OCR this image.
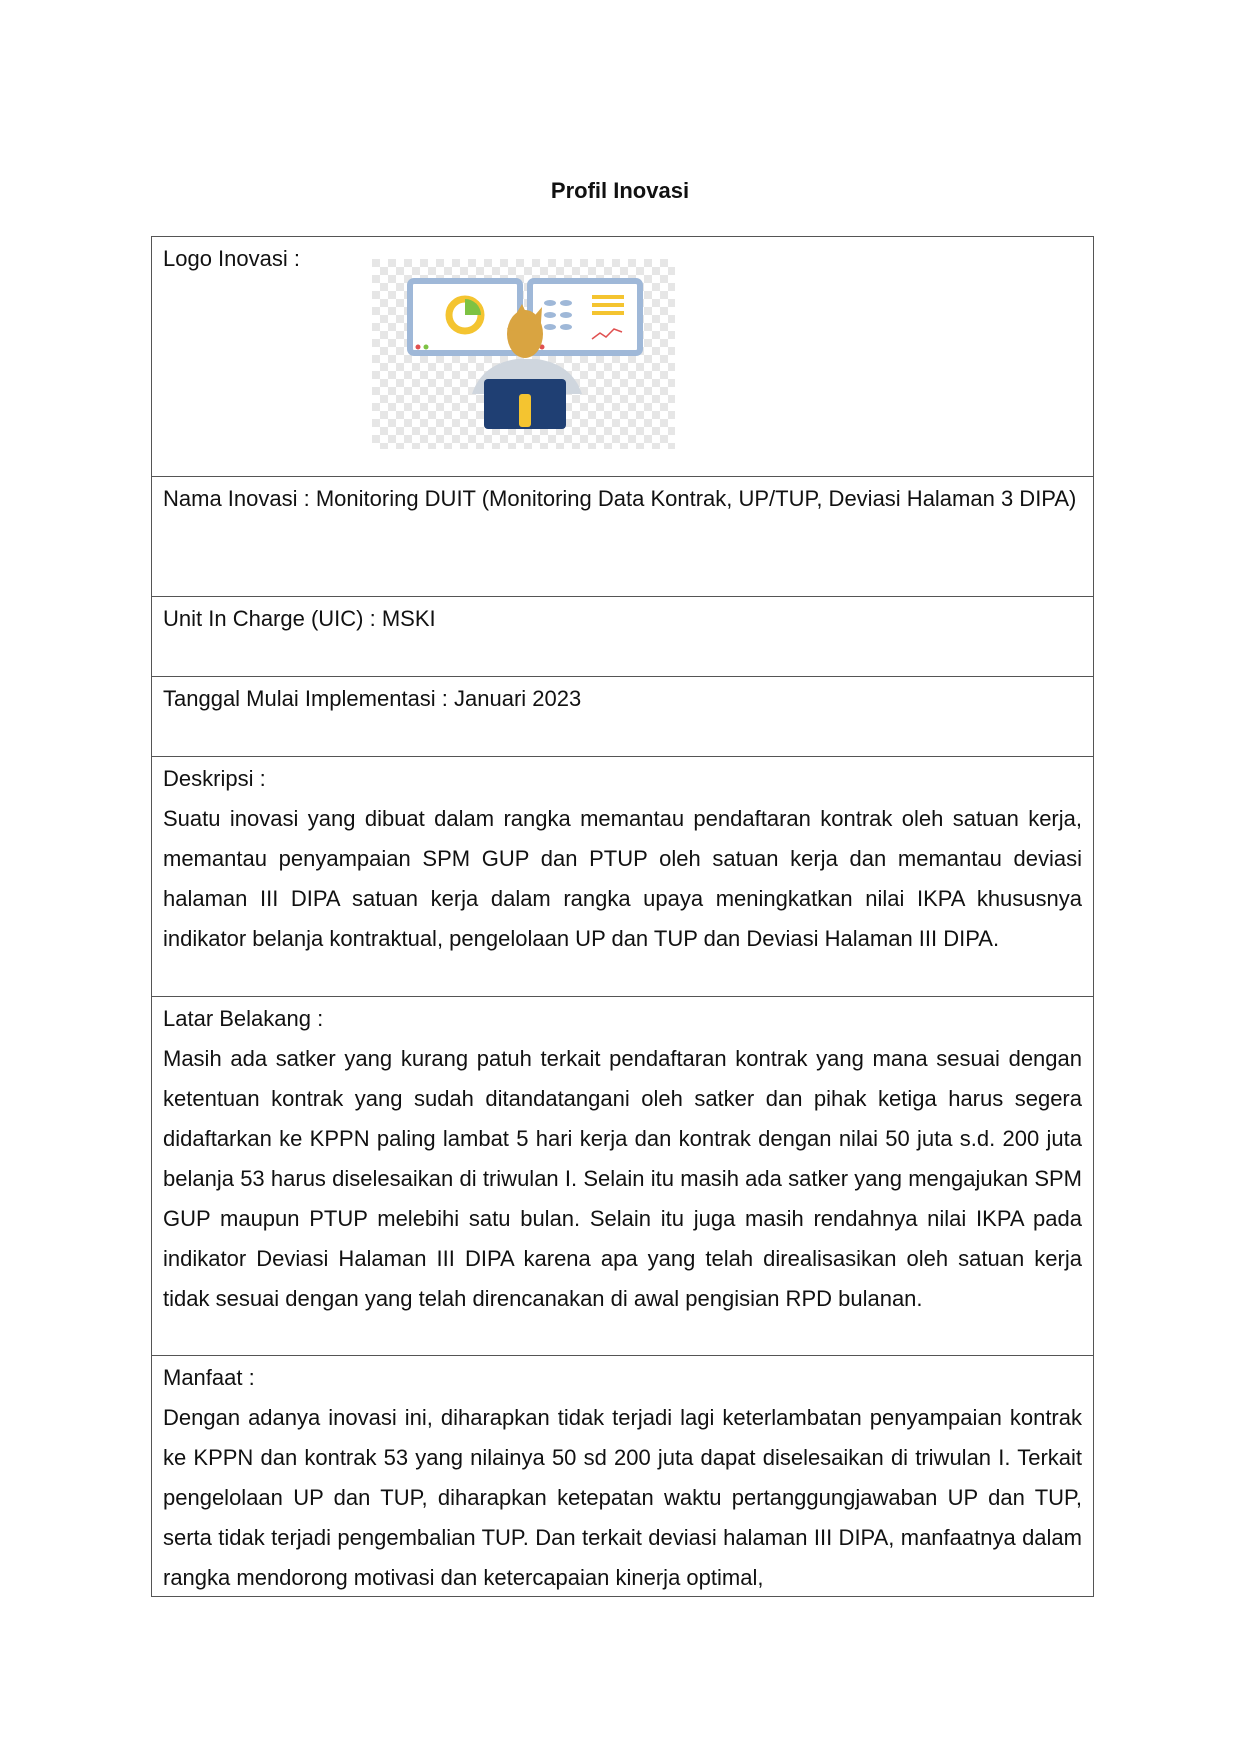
Profil Inovasi
Logo Inovasi :
Nama Inovasi : Monitoring DUIT (Monitoring Data Kontrak, UP/TUP, Deviasi Halaman 3 DIPA)
Unit In Charge (UIC) : MSKI
Tanggal Mulai Implementasi : Januari 2023
Deskripsi :
Suatu inovasi yang dibuat dalam rangka memantau pendaftaran kontrak oleh satuan kerja, memantau penyampaian SPM GUP dan PTUP oleh satuan kerja dan memantau deviasi halaman III DIPA satuan kerja dalam rangka upaya meningkatkan nilai IKPA khususnya indikator belanja kontraktual, pengelolaan UP dan TUP dan Deviasi Halaman III DIPA.
Latar Belakang :
Masih ada satker yang kurang patuh terkait pendaftaran kontrak yang mana sesuai dengan ketentuan kontrak yang sudah ditandatangani oleh satker dan pihak ketiga harus segera didaftarkan ke KPPN paling lambat 5 hari kerja dan kontrak dengan nilai 50 juta s.d. 200 juta belanja 53 harus diselesaikan di triwulan I. Selain itu masih ada satker yang mengajukan SPM GUP maupun PTUP melebihi satu bulan. Selain itu juga masih rendahnya nilai IKPA pada indikator Deviasi Halaman III DIPA karena apa yang telah direalisasikan oleh satuan kerja tidak sesuai dengan yang telah direncanakan di awal pengisian RPD bulanan.
Manfaat :
Dengan adanya inovasi ini, diharapkan tidak terjadi lagi keterlambatan penyampaian kontrak ke KPPN dan kontrak 53 yang nilainya 50 sd 200 juta dapat diselesaikan di triwulan I. Terkait pengelolaan UP dan TUP, diharapkan ketepatan waktu pertanggungjawaban UP dan TUP, serta tidak terjadi pengembalian TUP. Dan terkait deviasi halaman III DIPA, manfaatnya dalam rangka mendorong motivasi dan ketercapaian kinerja optimal,
